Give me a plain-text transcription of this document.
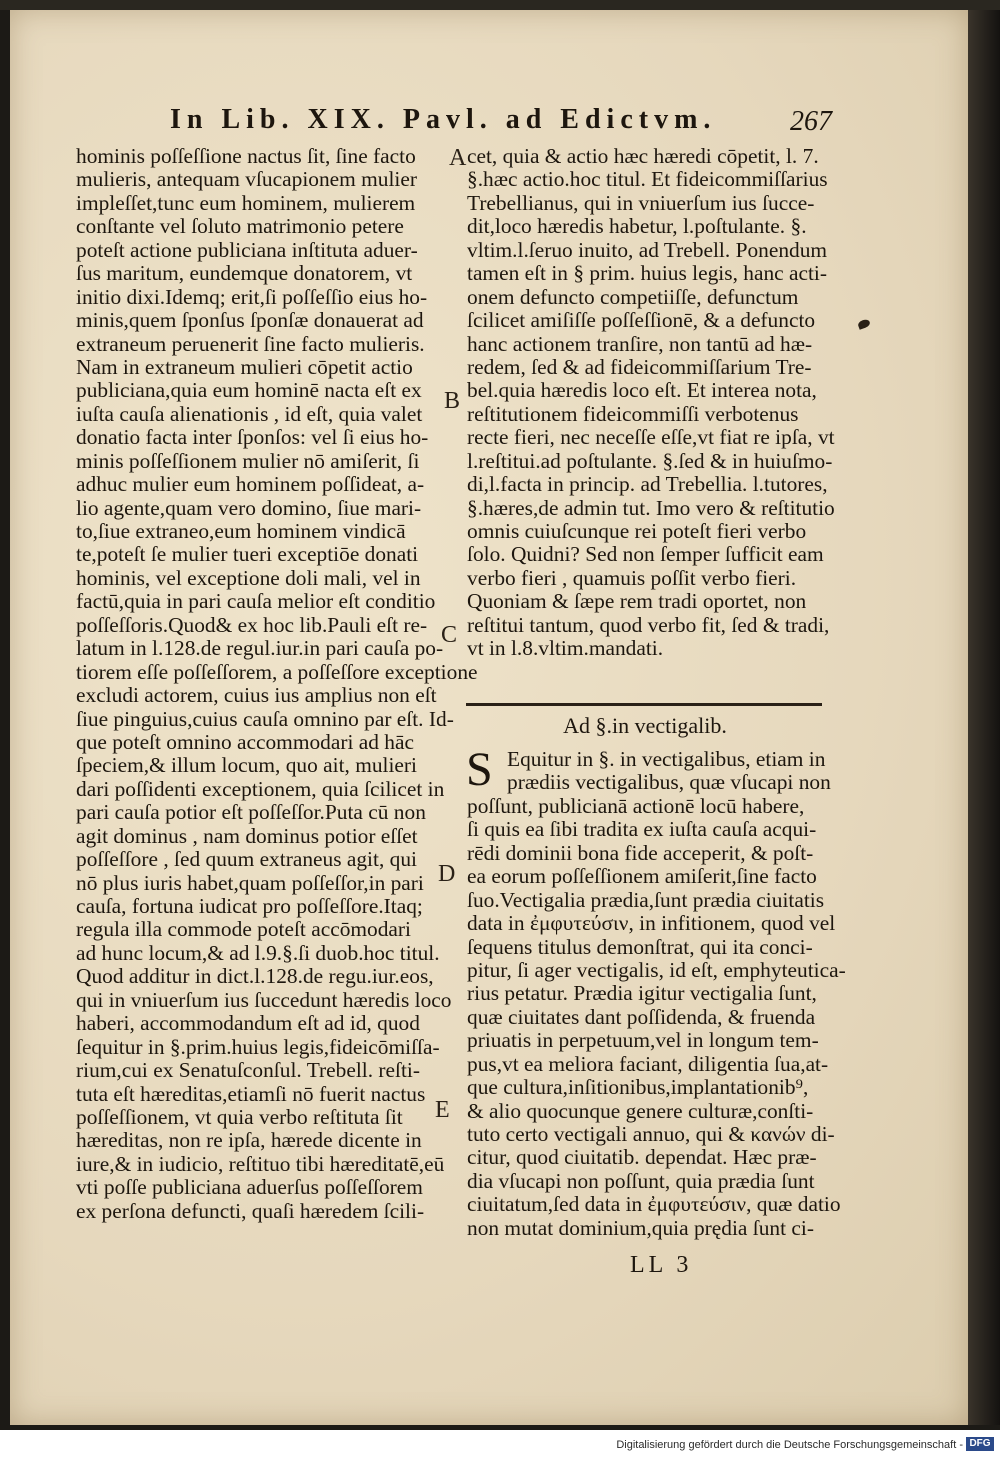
In Lib. XIX. Pavl. ad Edictvm.	267
hominis poſſeſſione nactus ſit, ſine facto
mulieris, antequam vſucapionem mulier
impleſſet,tunc eum hominem, mulierem
conſtante vel ſoluto matrimonio petere
poteſt actione publiciana inſtituta aduer-
ſus maritum, eundemque donatorem, vt
initio dixi.Idemq; erit,ſi poſſeſſio eius ho-
minis,quem ſponſus ſponſæ donauerat ad
extraneum peruenerit ſine facto mulieris.
Nam in extraneum mulieri cōpetit actio
publiciana,quia eum hominē nacta eſt ex
iuſta cauſa alienationis , id eſt, quia valet
donatio facta inter ſponſos: vel ſi eius ho-
minis poſſeſſionem mulier nō amiſerit, ſi
adhuc mulier eum hominem poſſideat, a-
lio agente,quam vero domino, ſiue mari-
to,ſiue extraneo,eum hominem vindicā
te,poteſt ſe mulier tueri exceptiōe donati
hominis, vel exceptione doli mali, vel in
factū,quia in pari cauſa melior eſt conditio
poſſeſſoris.Quod& ex hoc lib.Pauli eſt re-
latum in l.128.de regul.iur.in pari cauſa po-
tiorem eſſe poſſeſſorem, a poſſeſſore exceptione
excludi actorem, cuius ius amplius non eſt
ſiue pinguius,cuius cauſa omnino par eſt. Id-
que poteſt omnino accommodari ad hāc
ſpeciem,& illum locum, quo ait, mulieri
dari poſſidenti exceptionem, quia ſcilicet in
pari cauſa potior eſt poſſeſſor.Puta cū non
agit dominus , nam dominus potior eſſet
poſſeſſore , ſed quum extraneus agit, qui
nō plus iuris habet,quam poſſeſſor,in pari
cauſa, fortuna iudicat pro poſſeſſore.Itaq;
regula illa commode poteſt accōmodari
ad hunc locum,& ad l.9.§.ſi duob.hoc titul.
Quod additur in dict.l.128.de regu.iur.eos,
qui in vniuerſum ius ſuccedunt hæredis loco
haberi, accommodandum eſt ad id, quod
ſequitur in §.prim.huius legis,fideicōmiſſa-
rium,cui ex Senatuſconſul. Trebell. reſti-
tuta eſt hæreditas,etiamſi nō fuerit nactus
poſſeſſionem, vt quia verbo reſtituta ſit
hæreditas, non re ipſa, hærede dicente in
iure,& in iudicio, reſtituo tibi hæreditatē,eū
vti poſſe publiciana aduerſus poſſeſſorem
ex perſona defuncti, quaſi hæredem ſcili-
cet, quia & actio hæc hæredi cōpetit, l. 7.
§.hæc actio.hoc titul. Et fideicommiſſarius
Trebellianus, qui in vniuerſum ius ſucce-
dit,loco hæredis habetur, l.poſtulante. §.
vltim.l.ſeruo inuito, ad Trebell. Ponendum
tamen eſt in § prim. huius legis, hanc acti-
onem defuncto competiiſſe, defunctum
ſcilicet amiſiſſe poſſeſſionē, & a defuncto
hanc actionem tranſire, non tantū ad hæ-
redem, ſed & ad fideicommiſſarium Tre-
bel.quia hæredis loco eſt. Et interea nota,
reſtitutionem fideicommiſſi verbotenus
recte fieri, nec neceſſe eſſe,vt fiat re ipſa, vt
l.reſtitui.ad poſtulante. §.ſed & in huiuſmo-
di,l.facta in princip. ad Trebellia. l.tutores,
§.hæres,de admin tut. Imo vero & reſtitutio
omnis cuiuſcunque rei poteſt fieri verbo
ſolo. Quidni? Sed non ſemper ſufficit eam
verbo fieri , quamuis poſſit verbo fieri.
Quoniam & ſæpe rem tradi oportet, non
reſtitui tantum, quod verbo fit, ſed & tradi,
vt in l.8.vltim.mandati.
A
B
C
D
E
Ad §.in vectigalib.
S Equitur in §. in vectigalibus, etiam in
prædiis vectigalibus, quæ vſucapi non
poſſunt, publicianā actionē locū habere,
ſi quis ea ſibi tradita ex iuſta cauſa acqui-
rēdi dominii bona fide acceperit, & poſt-
ea eorum poſſeſſionem amiſerit,ſine facto
ſuo.Vectigalia prædia,ſunt prædia ciuitatis
data in ἐμφυτεύσιν, in infitionem, quod vel
ſequens titulus demonſtrat, qui ita conci-
pitur, ſi ager vectigalis, id eſt, emphyteutica-
rius petatur. Prædia igitur vectigalia ſunt,
quæ ciuitates dant poſſidenda, & fruenda
priuatis in perpetuum,vel in longum tem-
pus,vt ea meliora faciant, diligentia ſua,at-
que cultura,inſitionibus,implantationib⁹,
& alio quocunque genere culturæ,conſti-
tuto certo vectigali annuo, qui & κανών di-
citur, quod ciuitatib. dependat. Hæc præ-
dia vſucapi non poſſunt, quia prædia ſunt
ciuitatum,ſed data in ἐμφυτεύσιν, quæ datio
non mutat dominium,quia prędia ſunt ci-
LL 3
Digitalisierung gefördert durch die Deutsche Forschungsgemeinschaft - DFG
